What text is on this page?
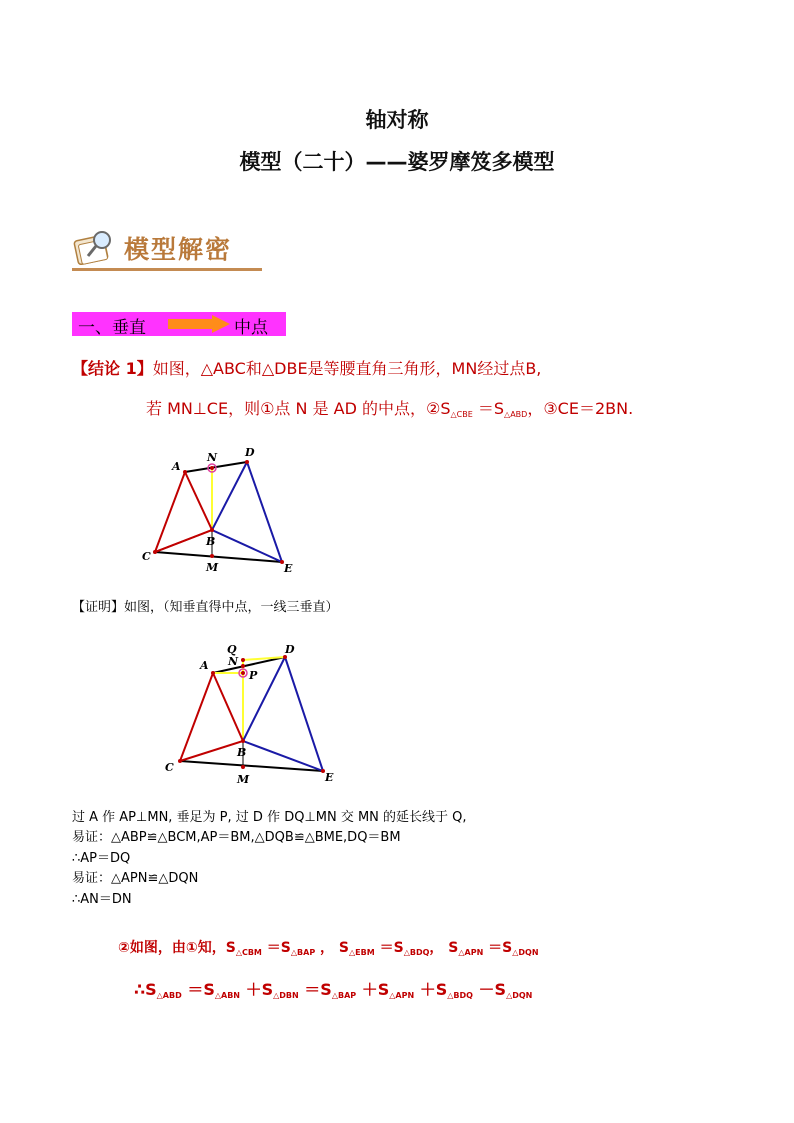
轴对称
模型（二十）——婆罗摩笈多模型
模型解密
一、垂直	中点
【结论 1】如图，△ABC和△DBE是等腰直角三角形，MN经过点B,
若 MN⊥CE，则①点 N 是 AD 的中点，$②S_{\triangle CBE} =S_{\triangle ABD}$，③CE＝2BN.
A
N	D
B
C
M	E
【证明】如图，（知垂直得中点，一线三垂直）
Q
N
D
A
P
B
C
M	E
过 A 作 AP⊥MN, 垂足为 P, 过 D 作 DQ⊥MN 交 MN 的延长线于 Q,
易证：△ABP≌△BCM,AP＝BM,△DQB≌△BME,DQ＝BM
∴AP＝DQ
易证：△APN≌△DQN
∴AN＝DN
②如图，由①知，$S_{\triangle CBM} =S_{\triangle BAP}$ ， $S_{\triangle EBM} =S_{\triangle BDQ}$， $S_{\triangle APN} =S_{\triangle DQN}$
$\therefore S_{\triangle ABD} =S_{\triangle ABN} +S_{\triangle DBN} =S_{\triangle BAP} +S_{\triangle APN} +S_{\triangle BDQ} -S_{\triangle DQN}$
